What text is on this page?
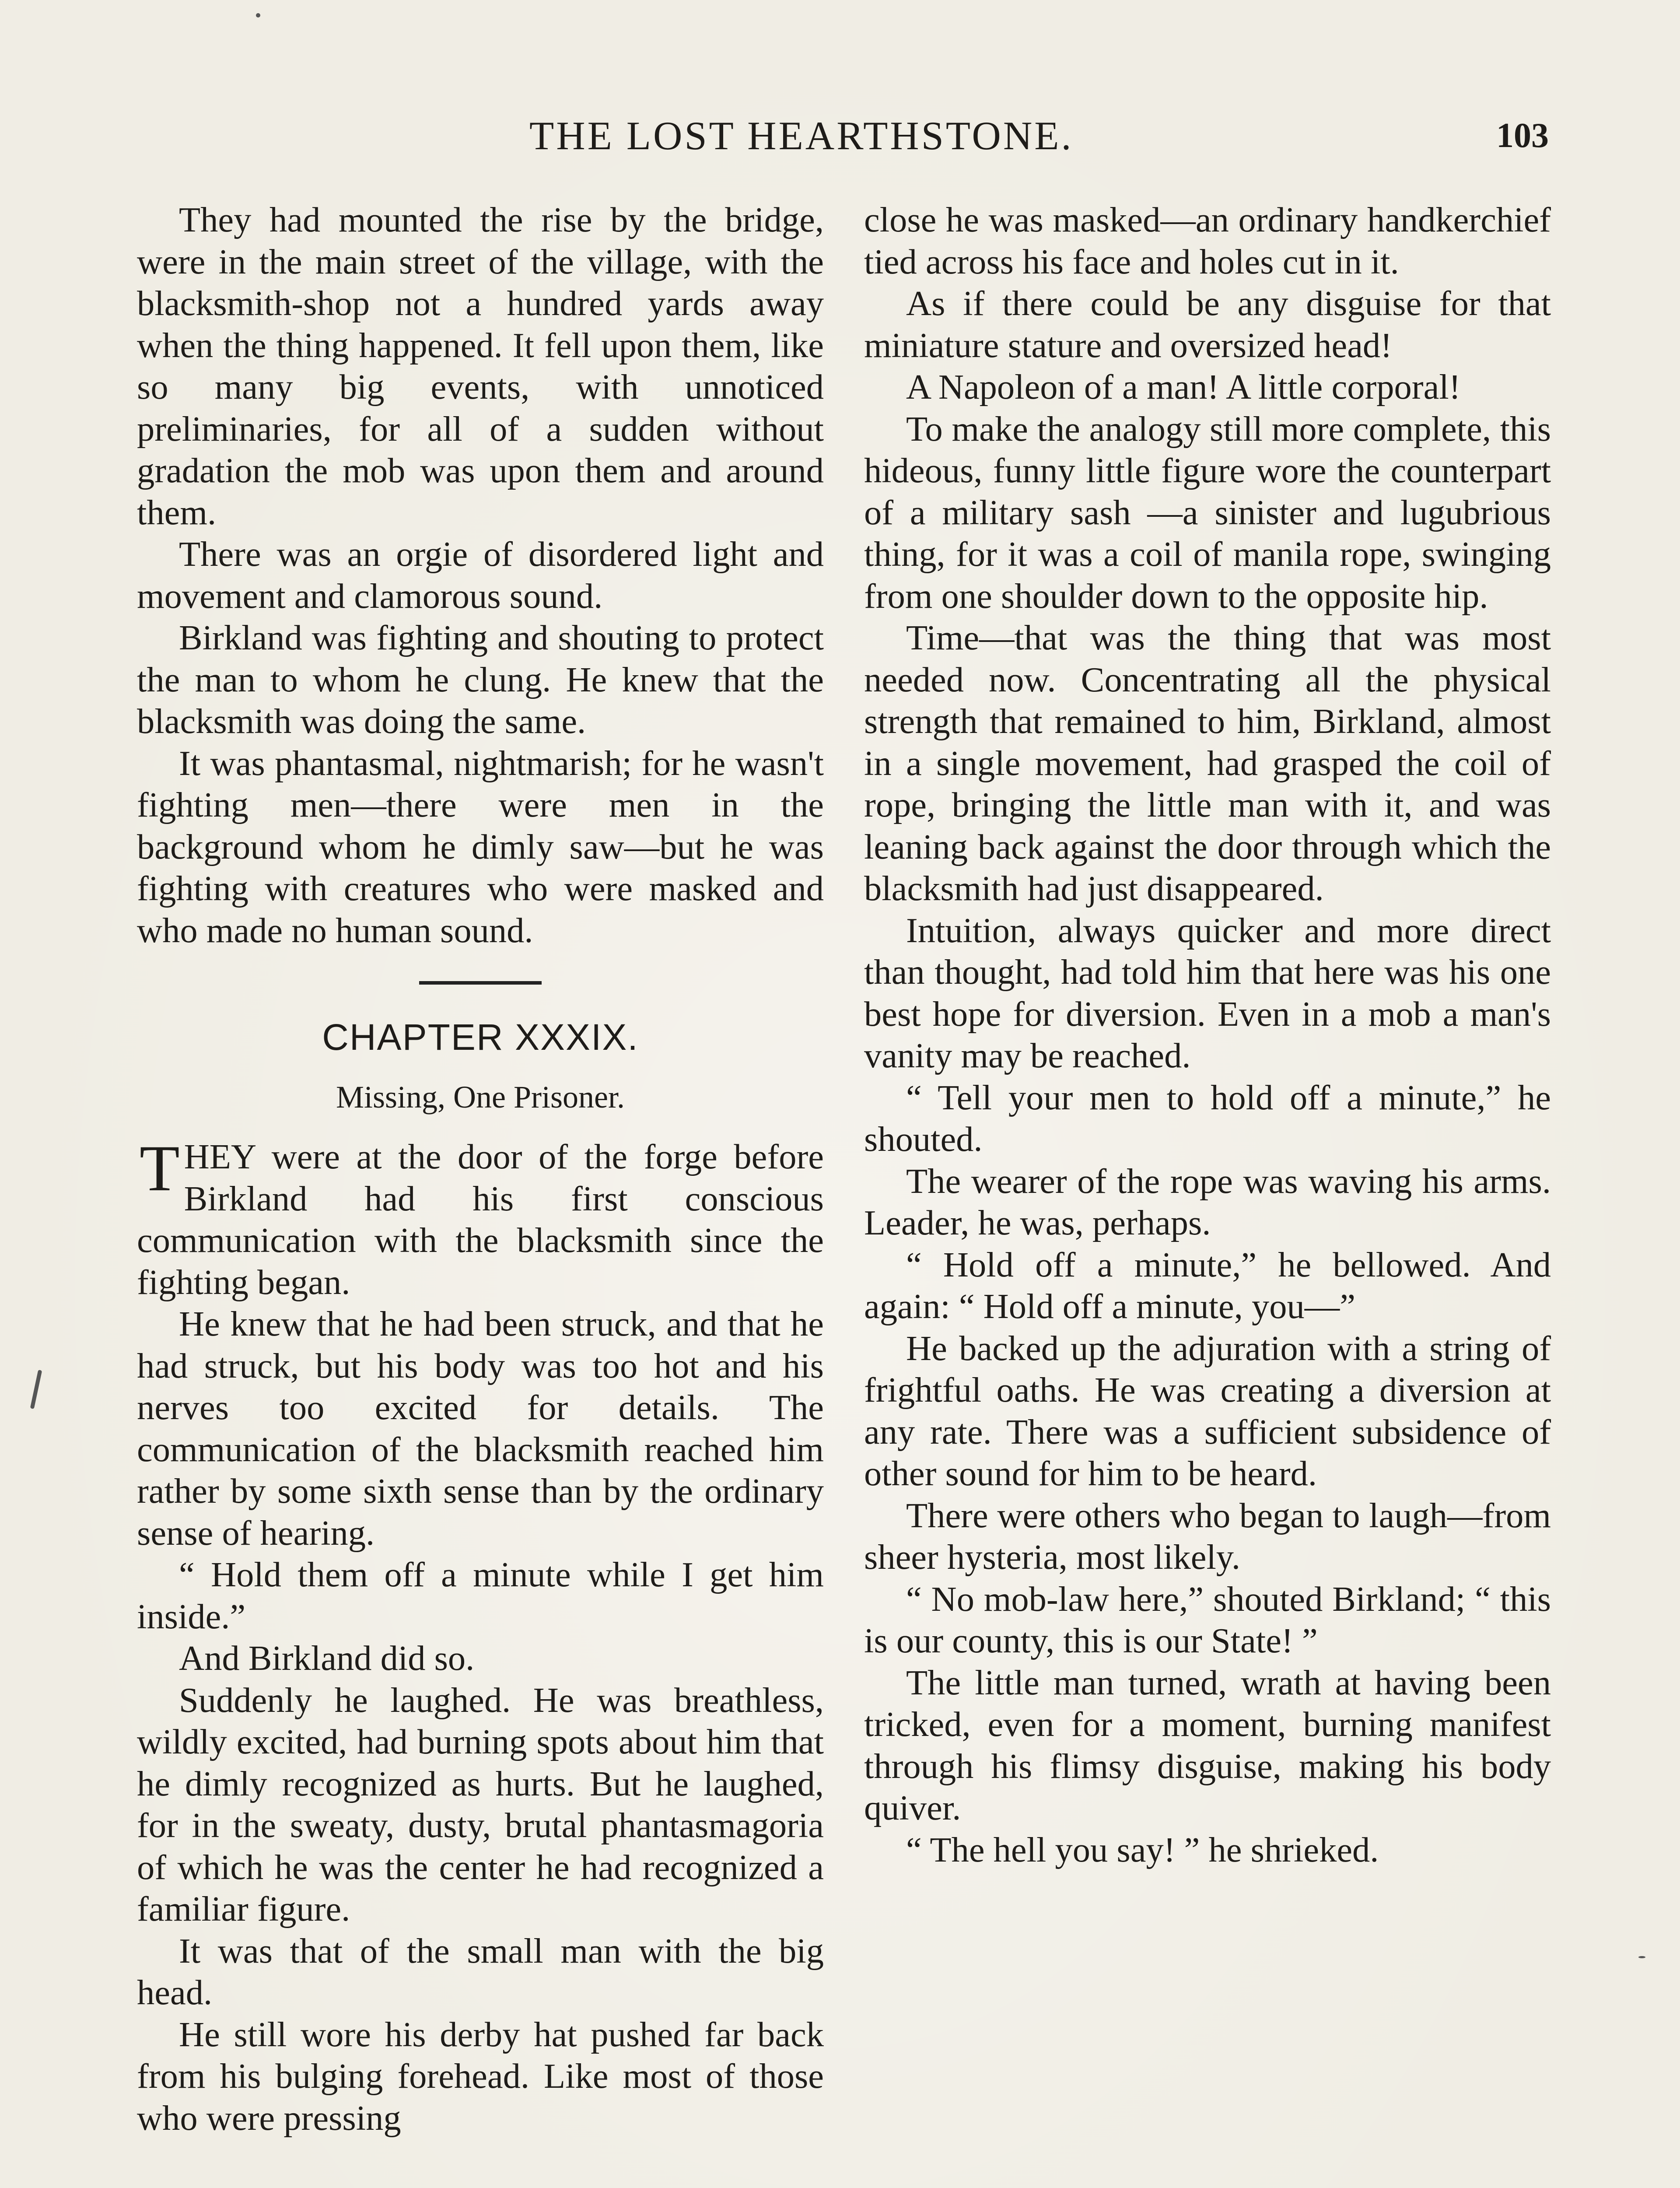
THE LOST HEARTHSTONE.	103

They had mounted the rise by the bridge, were in the main street of the village, with the blacksmith-shop not a hundred yards away when the thing happened. It fell upon them, like so many big events, with unnoticed preliminaries, for all of a sudden without gradation the mob was upon them and around them.

There was an orgie of disordered light and movement and clamorous sound.

Birkland was fighting and shouting to protect the man to whom he clung. He knew that the blacksmith was doing the same.

It was phantasmal, nightmarish; for he wasn't fighting men—there were men in the background whom he dimly saw—but he was fighting with creatures who were masked and who made no human sound.

CHAPTER XXXIX.
Missing, One Prisoner.

THEY were at the door of the forge before Birkland had his first conscious communication with the blacksmith since the fighting began.

He knew that he had been struck, and that he had struck, but his body was too hot and his nerves too excited for details. The communication of the blacksmith reached him rather by some sixth sense than by the ordinary sense of hearing.

“ Hold them off a minute while I get him inside.”

And Birkland did so.

Suddenly he laughed. He was breathless, wildly excited, had burning spots about him that he dimly recognized as hurts. But he laughed, for in the sweaty, dusty, brutal phantasmagoria of which he was the center he had recognized a familiar figure.

It was that of the small man with the big head.

He still wore his derby hat pushed far back from his bulging forehead. Like most of those who were pressing

close he was masked—an ordinary handkerchief tied across his face and holes cut in it.

As if there could be any disguise for that miniature stature and oversized head!

A Napoleon of a man! A little corporal!

To make the analogy still more complete, this hideous, funny little figure wore the counterpart of a military sash —a sinister and lugubrious thing, for it was a coil of manila rope, swinging from one shoulder down to the opposite hip.

Time—that was the thing that was most needed now. Concentrating all the physical strength that remained to him, Birkland, almost in a single movement, had grasped the coil of rope, bringing the little man with it, and was leaning back against the door through which the blacksmith had just disappeared.

Intuition, always quicker and more direct than thought, had told him that here was his one best hope for diversion. Even in a mob a man's vanity may be reached.

“ Tell your men to hold off a minute,” he shouted.

The wearer of the rope was waving his arms. Leader, he was, perhaps.

“ Hold off a minute,” he bellowed. And again: “ Hold off a minute, you—”

He backed up the adjuration with a string of frightful oaths. He was creating a diversion at any rate. There was a sufficient subsidence of other sound for him to be heard.

There were others who began to laugh—from sheer hysteria, most likely.

“ No mob-law here,” shouted Birkland; “ this is our county, this is our State! ”

The little man turned, wrath at having been tricked, even for a moment, burning manifest through his flimsy disguise, making his body quiver.

“ The hell you say! ” he shrieked.
